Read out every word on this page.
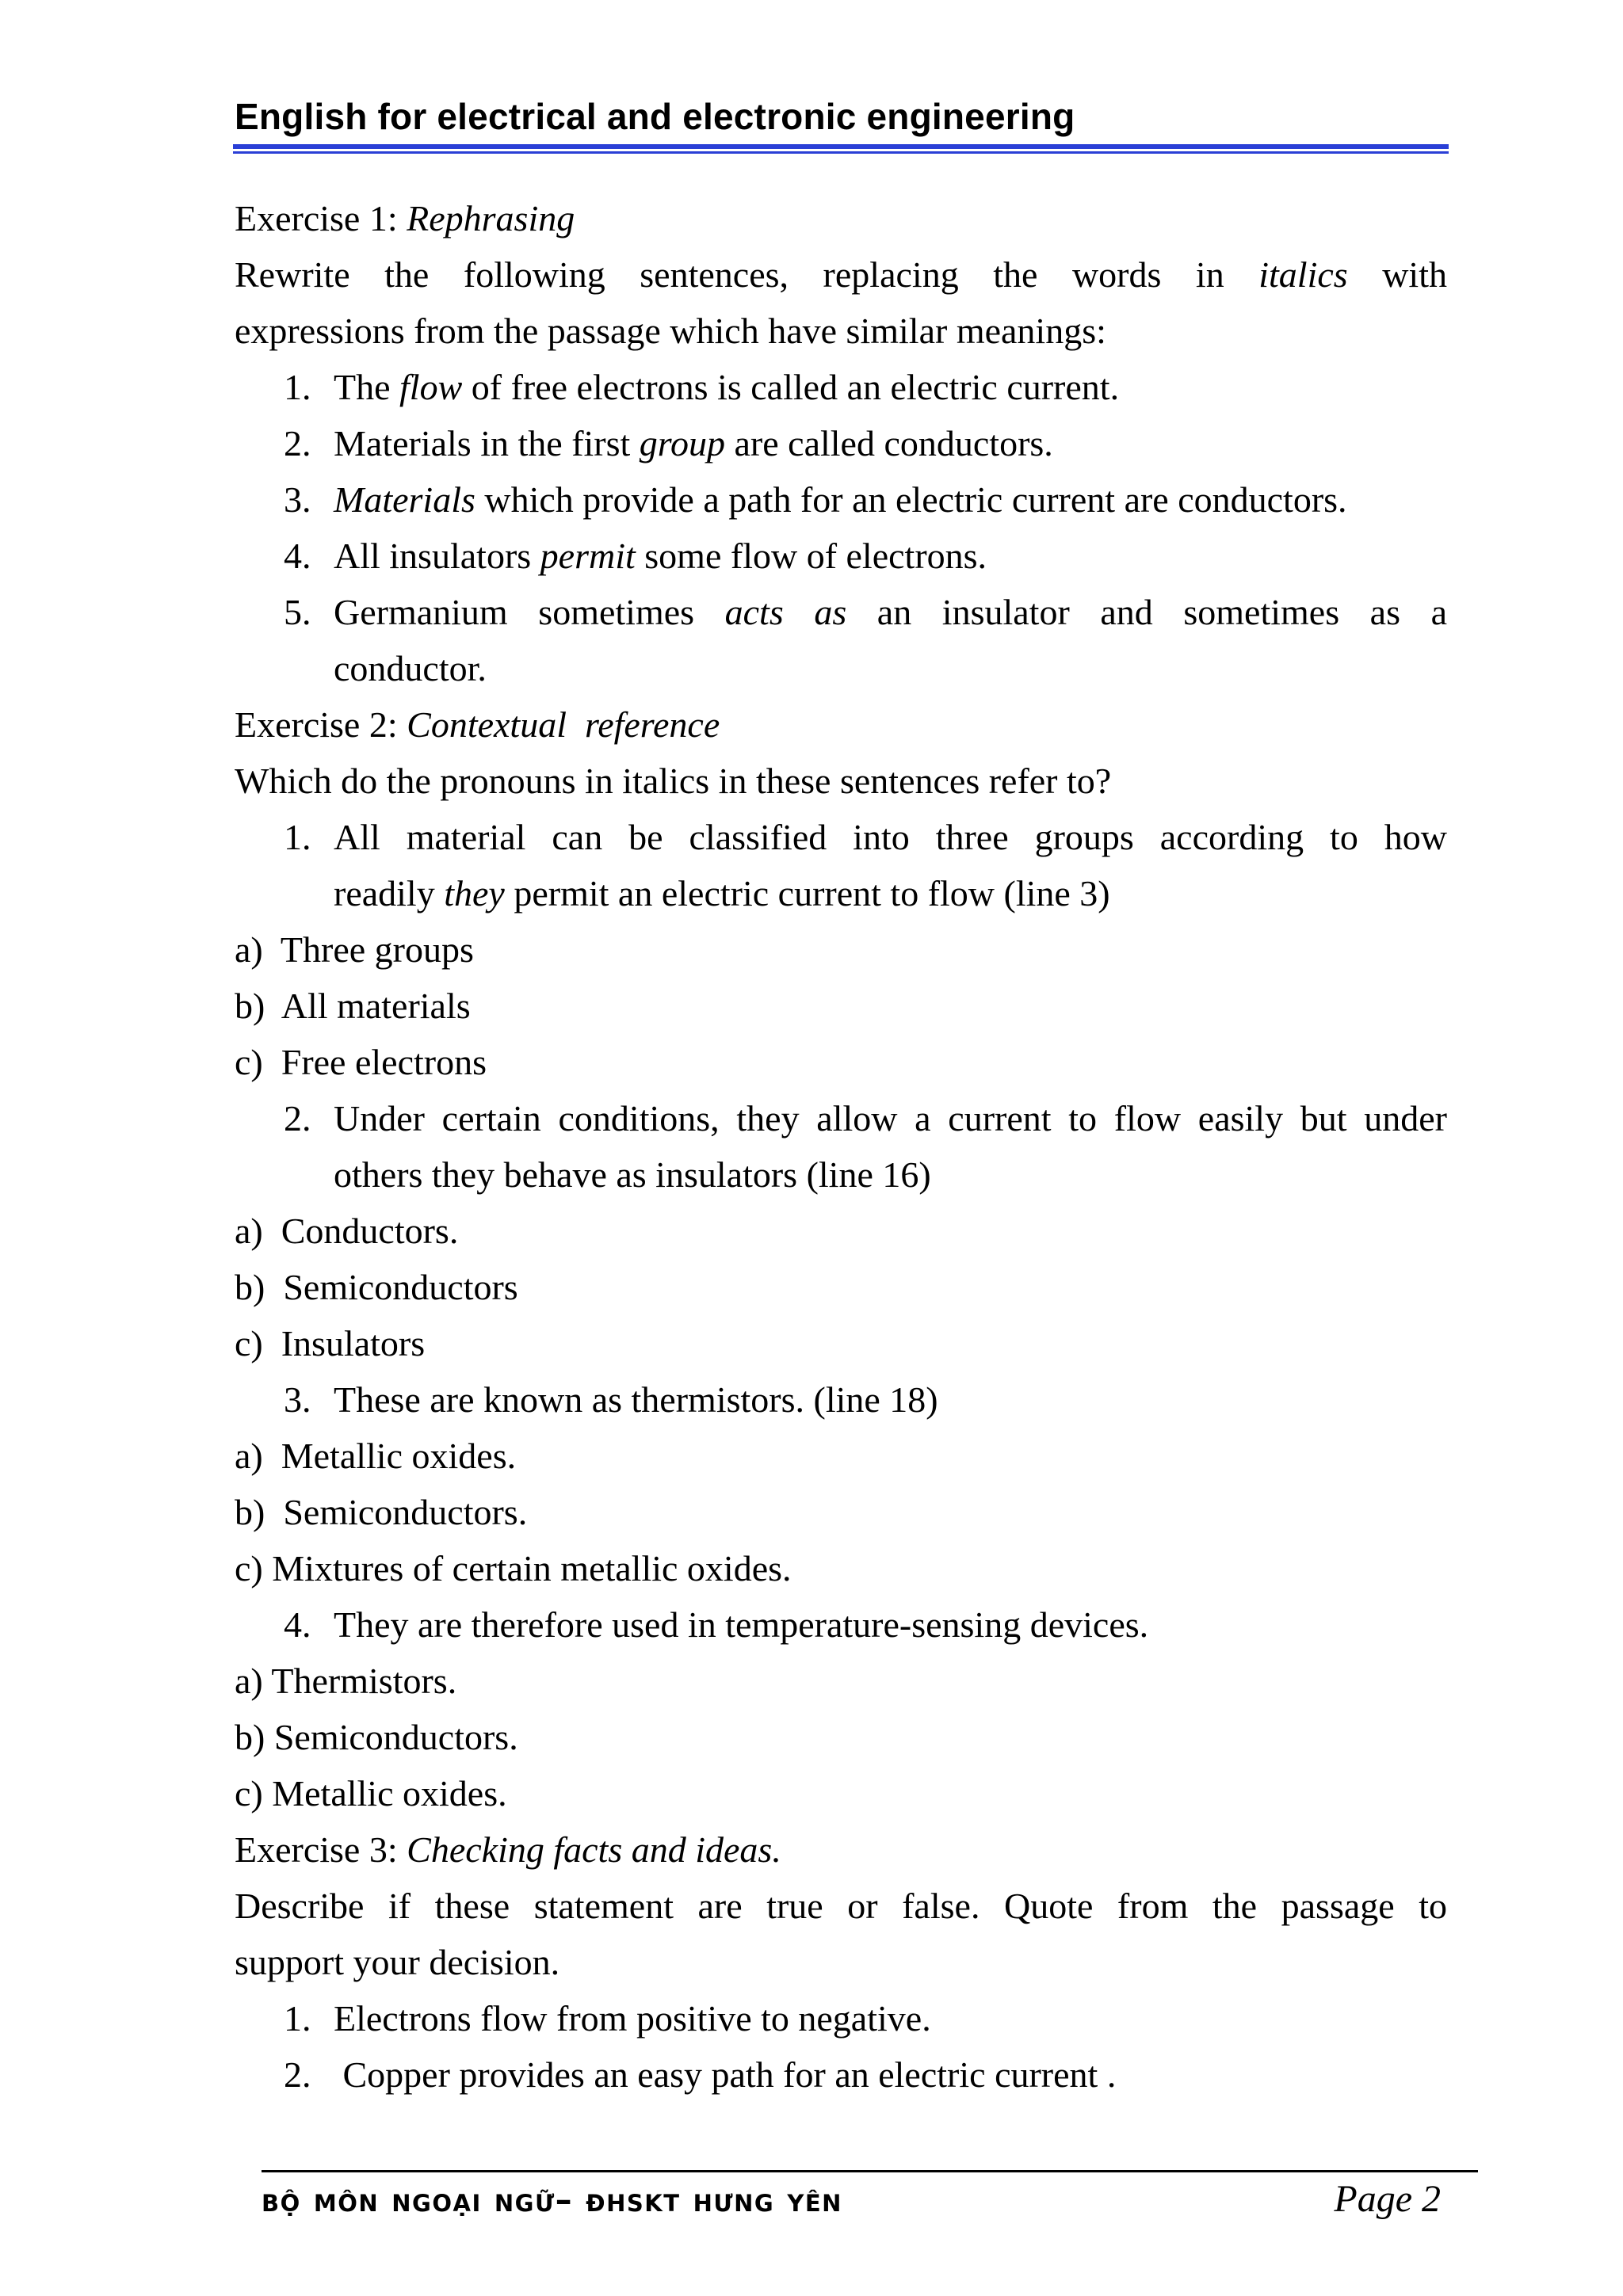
English for electrical and electronic engineering
Exercise 1: Rephrasing
Rewrite the following sentences, replacing the words in italics with
expressions from the passage which have similar meanings:
1. The flow of free electrons is called an electric current.
2. Materials in the first group are called conductors.
3. Materials which provide a path for an electric current are conductors.
4. All insulators permit some flow of electrons.
5. Germanium sometimes acts as an insulator and sometimes as a
conductor.
Exercise 2: Contextual  reference
Which do the pronouns in italics in these sentences refer to?
1. All material can be classified into three groups according to how
readily they permit an electric current to flow (line 3)
a)  Three groups
b)  All materials
c)  Free electrons
2. Under certain conditions, they allow a current to flow easily but under
others they behave as insulators (line 16)
a)  Conductors.
b)  Semiconductors
c)  Insulators
3. These are known as thermistors. (line 18)
a)  Metallic oxides.
b)  Semiconductors.
c) Mixtures of certain metallic oxides.
4. They are therefore used in temperature-sensing devices.
a) Thermistors.
b) Semiconductors.
c) Metallic oxides.
Exercise 3: Checking facts and ideas.
Describe if these statement are true or false. Quote from the passage to
support your decision.
1. Electrons flow from positive to negative.
2. Copper provides an easy path for an electric current .
bộ môn ngoại ngữ– đhskt hưng yên	Page 2
